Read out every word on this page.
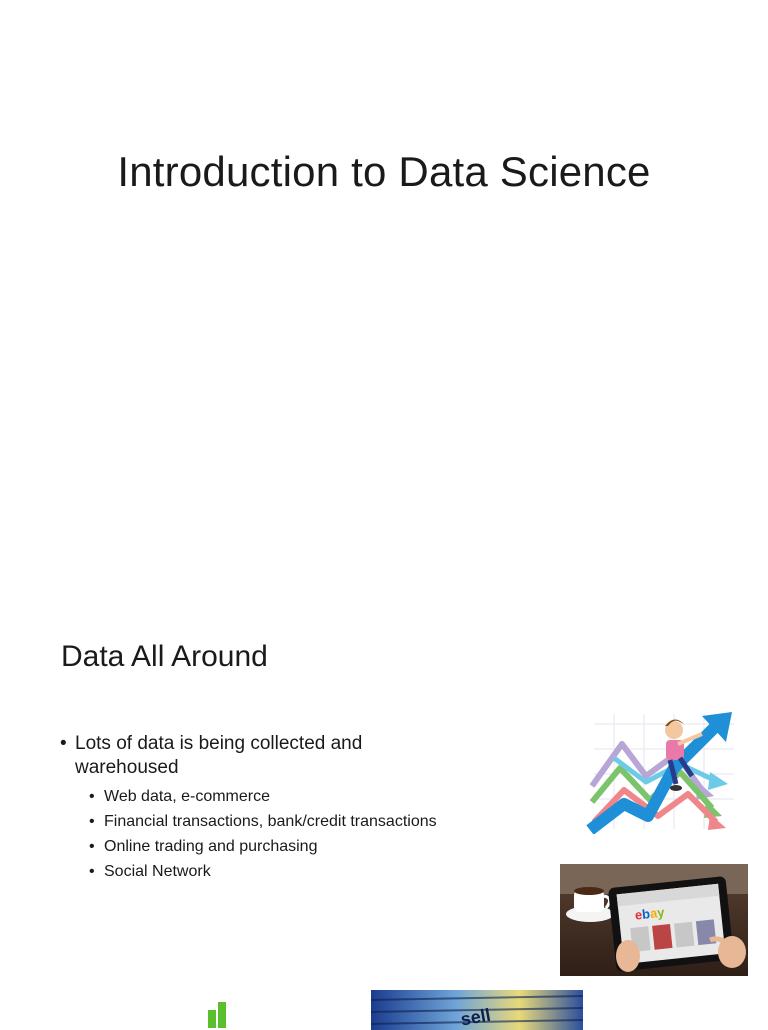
Introduction to Data Science
Data All Around
• Lots of data is being collected and warehoused
• Web data, e-commerce
• Financial transactions, bank/credit transactions
• Online trading and purchasing
• Social Network
ebay
sell
